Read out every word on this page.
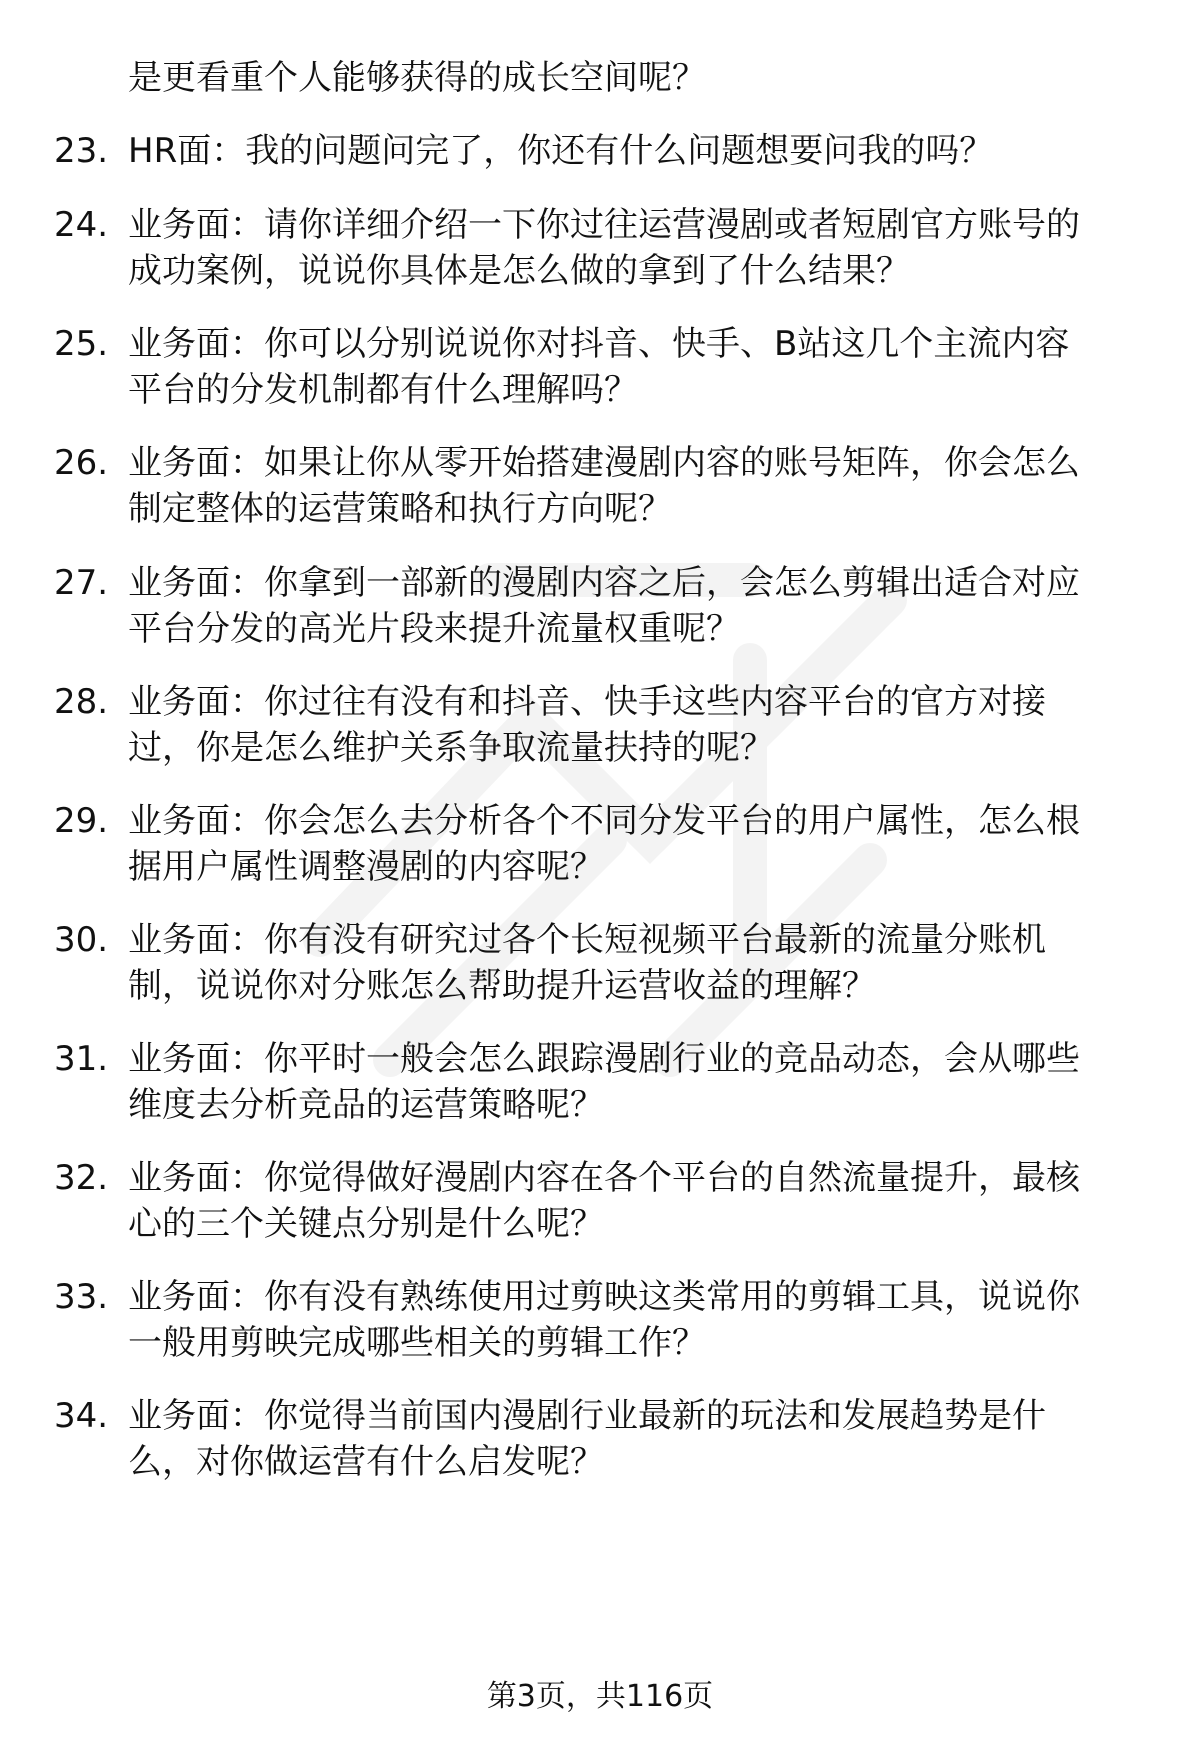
是更看重个人能够获得的成长空间呢？
23. HR面：我的问题问完了，你还有什么问题想要问我的吗？
24. 业务面：请你详细介绍一下你过往运营漫剧或者短剧官方账号的
成功案例，说说你具体是怎么做的拿到了什么结果？
25. 业务面：你可以分别说说你对抖音、快手、B站这几个主流内容
平台的分发机制都有什么理解吗？
26. 业务面：如果让你从零开始搭建漫剧内容的账号矩阵，你会怎么
制定整体的运营策略和执行方向呢？
27. 业务面：你拿到一部新的漫剧内容之后，会怎么剪辑出适合对应
平台分发的高光片段来提升流量权重呢？
28. 业务面：你过往有没有和抖音、快手这些内容平台的官方对接
过，你是怎么维护关系争取流量扶持的呢？
29. 业务面：你会怎么去分析各个不同分发平台的用户属性，怎么根
据用户属性调整漫剧的内容呢？
30. 业务面：你有没有研究过各个长短视频平台最新的流量分账机
制，说说你对分账怎么帮助提升运营收益的理解？
31. 业务面：你平时一般会怎么跟踪漫剧行业的竞品动态，会从哪些
维度去分析竞品的运营策略呢？
32. 业务面：你觉得做好漫剧内容在各个平台的自然流量提升，最核
心的三个关键点分别是什么呢？
33. 业务面：你有没有熟练使用过剪映这类常用的剪辑工具，说说你
一般用剪映完成哪些相关的剪辑工作？
34. 业务面：你觉得当前国内漫剧行业最新的玩法和发展趋势是什
么，对你做运营有什么启发呢？
第3页，共116页
